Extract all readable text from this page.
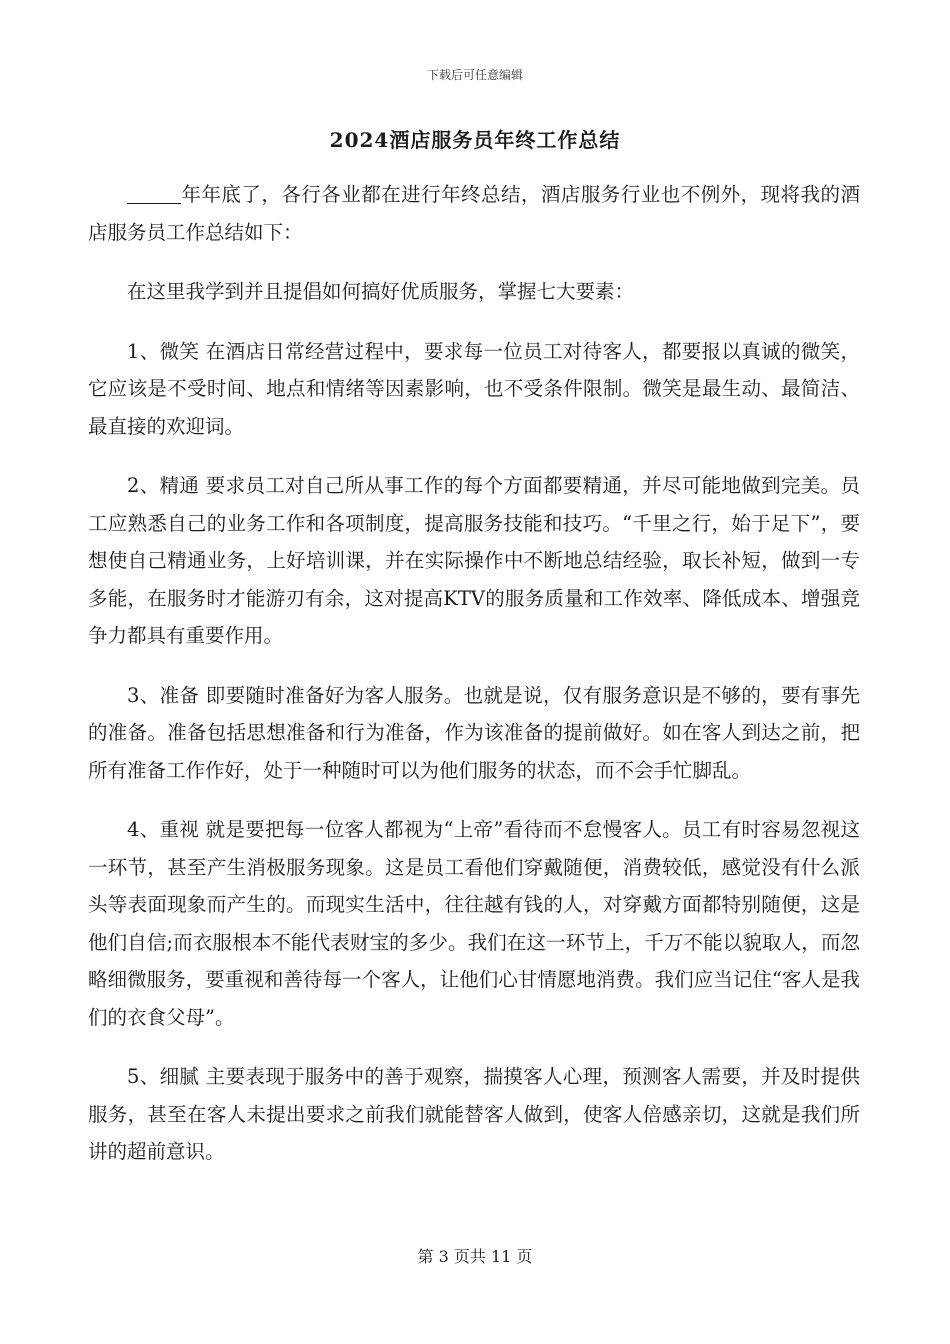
下载后可任意编辑
2024酒店服务员年终工作总结

年年底了，各行各业都在进行年终总结，酒店服务行业也不例外，现将我的酒店服务员工作总结如下：

在这里我学到并且提倡如何搞好优质服务，掌握七大要素：

1、微笑 在酒店日常经营过程中，要求每一位员工对待客人，都要报以真诚的微笑，它应该是不受时间、地点和情绪等因素影响，也不受条件限制。微笑是最生动、最简洁、最直接的欢迎词。

2、精通 要求员工对自己所从事工作的每个方面都要精通，并尽可能地做到完美。员工应熟悉自己的业务工作和各项制度，提高服务技能和技巧。“千里之行，始于足下”，要想使自己精通业务，上好培训课，并在实际操作中不断地总结经验，取长补短，做到一专多能，在服务时才能游刃有余，这对提高KTV的服务质量和工作效率、降低成本、增强竞争力都具有重要作用。

3、准备 即要随时准备好为客人服务。也就是说，仅有服务意识是不够的，要有事先的准备。准备包括思想准备和行为准备，作为该准备的提前做好。如在客人到达之前，把所有准备工作作好，处于一种随时可以为他们服务的状态，而不会手忙脚乱。

4、重视 就是要把每一位客人都视为“上帝”看待而不怠慢客人。员工有时容易忽视这一环节，甚至产生消极服务现象。这是员工看他们穿戴随便，消费较低，感觉没有什么派头等表面现象而产生的。而现实生活中，往往越有钱的人，对穿戴方面都特别随便，这是他们自信;而衣服根本不能代表财宝的多少。我们在这一环节上，千万不能以貌取人，而忽略细微服务，要重视和善待每一个客人，让他们心甘情愿地消费。我们应当记住“客人是我们的衣食父母”。

5、细腻 主要表现于服务中的善于观察，揣摸客人心理，预测客人需要，并及时提供服务，甚至在客人未提出要求之前我们就能替客人做到，使客人倍感亲切，这就是我们所讲的超前意识。

第 3 页共 11 页
